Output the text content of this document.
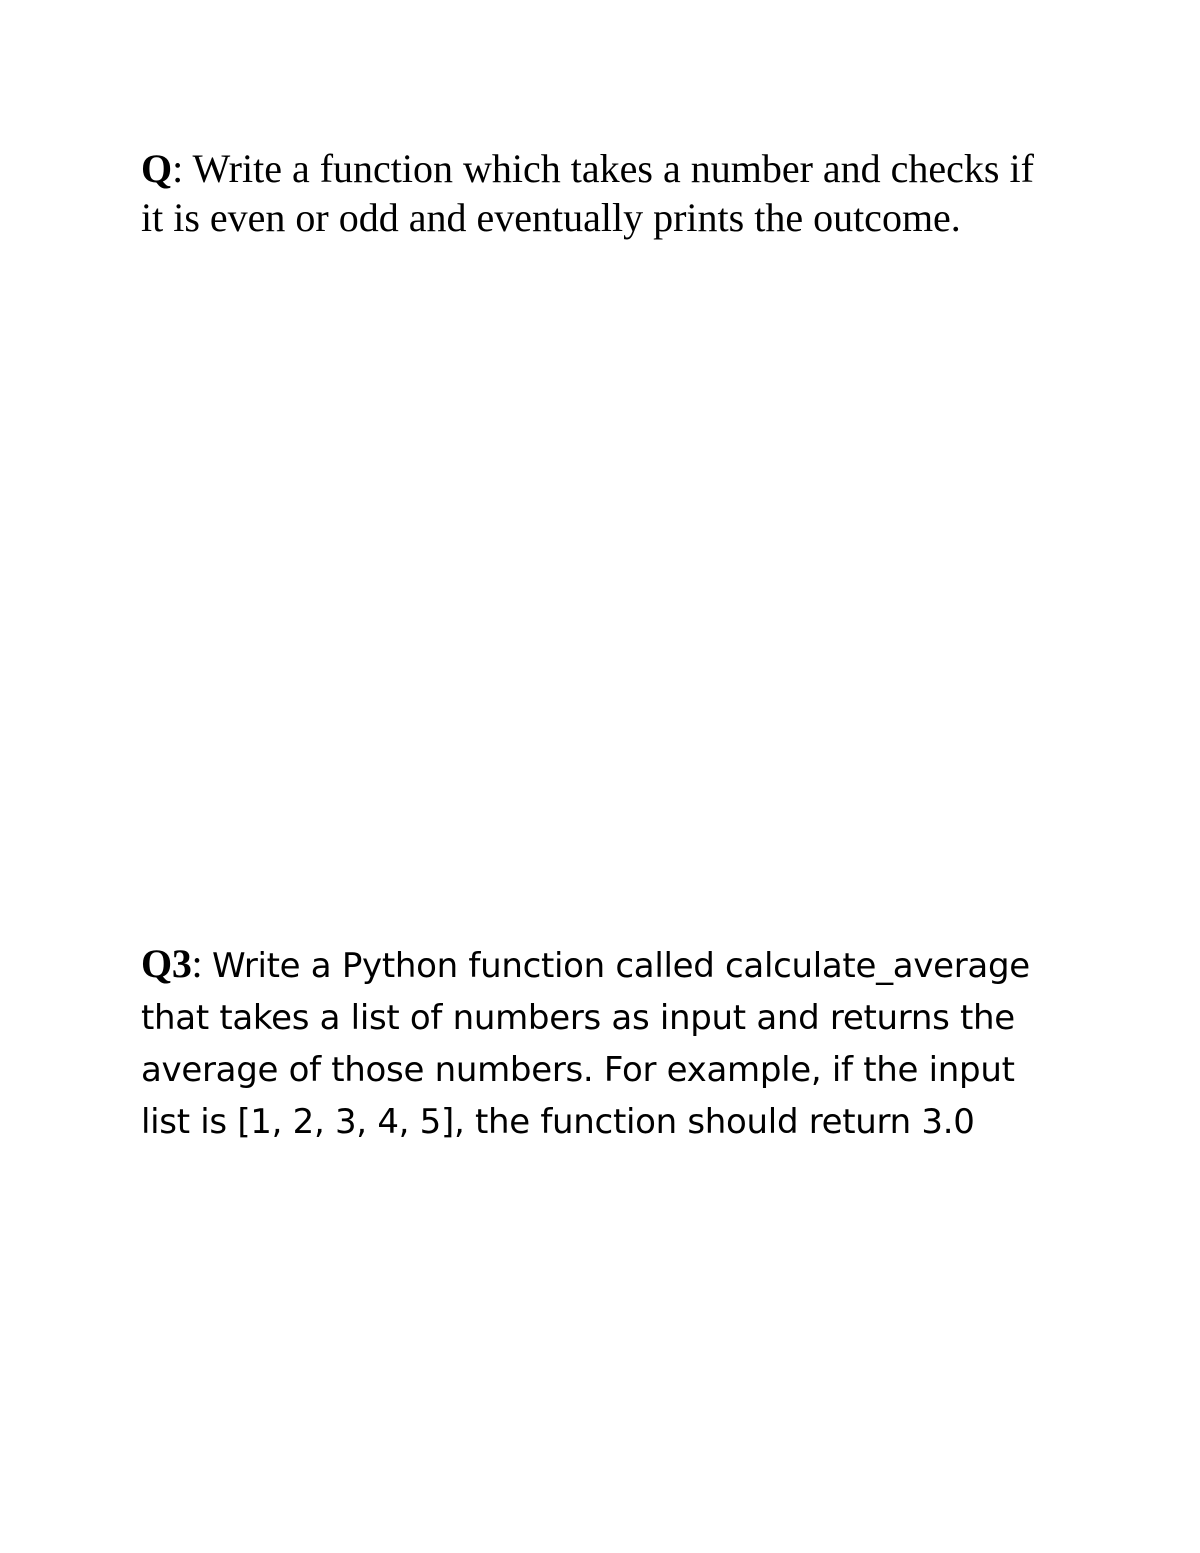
Q: Write a function which takes a number and checks if it is even or odd and eventually prints the outcome.

Q3: Write a Python function called calculate_average that takes a list of numbers as input and returns the average of those numbers. For example, if the input list is [1, 2, 3, 4, 5], the function should return 3.0
